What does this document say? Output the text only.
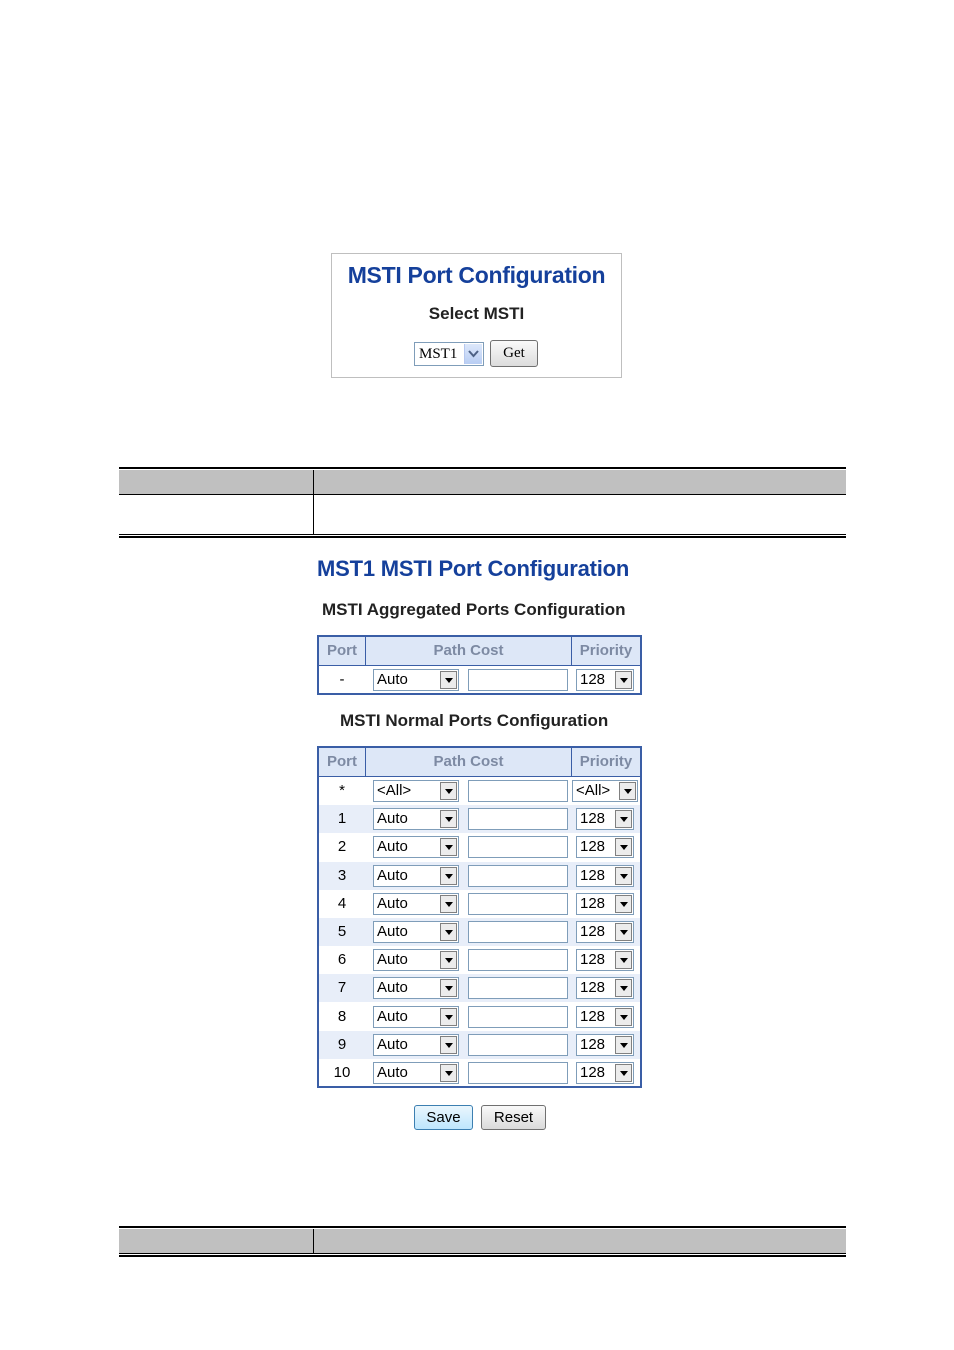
MSTI Port Configuration
Select MSTI
MST1	Get
MST1 MSTI Port Configuration
MSTI Aggregated Ports Configuration
Port	Path Cost	Priority
-	Auto	128
MSTI Normal Ports Configuration
Port	Path Cost	Priority
*	<All>	<All>
1	Auto	128
2	Auto	128
3	Auto	128
4	Auto	128
5	Auto	128
6	Auto	128
7	Auto	128
8	Auto	128
9	Auto	128
10	Auto	128
Save	Reset
